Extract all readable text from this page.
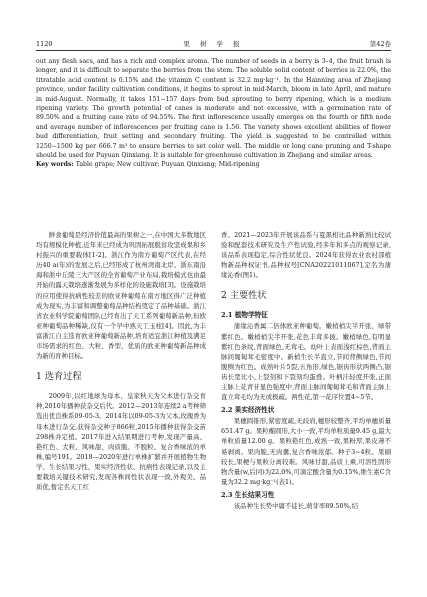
1120	果 树 学 报	第42卷

out any flesh sacs, and has a rich and complex aroma. The number of seeds in a berry is 3–4, the fruit brush is longer, and it is difficult to separate the berries from the stem. The soluble solid content of berries is 22.0%, the titratable acid content is 0.15% and the vitamin C content is 32.2 mg·kg⁻¹. In the Hainning area of Zhejiang province, under facility cultivation conditions, it begins to sprout in mid-March, bloom in late April, and mature in mid-August. Normally, it takes 151−157 days from bud sprouting to berry ripening, which is a medium ripening variety. The growth potential of canes is moderate and not excessive, with a germination rate of 89.50% and a fruiting cane rate of 94.55%. The first inflorescence usually emerges on the fourth or fifth node and average number of inflorescences per fruiting cane is 1.56. The variety shows excellent abilities of flower bud differentiation, fruit setting and secondary fruiting. The yield is suggested to be controlled within 1250−1500 kg per 666.7 m² to ensure berries to set color well. The middle or long cane pruning and T-shape should be used for Puyuan Qinxiang. It is suitable for greenhouse cultivation in Zhejiang and similar areas.

Key words: Table grape; New cultivar; Puyuan Qinxiang; Mid-ripening

鲜食葡萄是经济价值最高的果树之一,在中国大多数地区均有规模化种植,近年来已经成为巩固拓展脱贫攻坚成果和乡村振兴的重要载体[1-2]。浙江作为南方葡萄产区代表,在经历40 a(年)的发展之后,已经形成了杭州湾南北岸、浙东南沿海和浙中丘陵三大产区的全省葡萄产业布局,栽培模式也由最开始的露天栽培逐渐发展为多样化的设施栽培[3]。设施栽培的应用使得抗病性较差的欧亚种葡萄在南方地区得广泛种植成为现实,为丰富和调整葡萄品种结构奠定了品种基础。浙江省农业科学院葡萄团队已经育出了天工系列葡萄新品种,但欧亚种葡萄品种稀缺,仅有一个早中熟天工玉柱[4]。因此,为丰富浙江自主选育欧亚种葡萄新品种,培育适宜浙江种植及满足市场需求的红色、大粒、香型、优质的欧亚种葡萄新品种成为新的育种目标。

1 选育过程

2009年,以红地球为母本、皇家秋天为父本进行杂交育种,2010年播种获杂交后代。2012—2013年连续2 a考种筛选出优良株系09-05-3。2014年以09-05-3为父本,玫瑰香为母本进行杂交,获得杂交种子866粒,2015年播种获得杂交苗298株并定植。2017年进入结果期进行考种,发现产量高、艳红色、大粒、风味甜、肉质脆、不脱粒、复合香味浓的单株,编号191。2018—2020年进行单株扩繁并开展植物生物学、生长结果习性、果实经济性状、抗病性表现记录,以及主要栽培关键技术研究,发现各株间性状表现一致,外观美、品质优,暂定名天工红

香。2021—2023年开展该品系与夏黑相比品种新熟比较试验和配套技术研究及生产性试验,经多年和多点的观察记录,该品系表现稳定,综合性状优良。2024年获得农业农村部植物新品种权证书,品种权号[CNA20221011067],定名为蒲缘沁香(图1)。

2 主要性状
2.1 植物学特征

蒲缘沁香属二倍体欧亚种葡萄。嫩梢梢尖半开张、绿带紫红色。嫩梢梢尖半开张,花色丰茸多披。嫩梢绿色,有明显紫红色条纹,背面绿色,无茸毛。幼叶上表面浅红棕色,背面主脉间匍匐茸毛密度中。新梢生长半直立,节间背侧绿色,节间腹侧为红色。成熟叶片5裂,五角形,绿色,锯齿形状两侧凸,锯齿长宽比小,上裂刻和下裂刻均蛋叠。叶柄洼轻度开张,正面主脉上花青苷显色强度中,背面主脉间匍匐茸毛和背面主脉上直立茸毛均为无或极疏。两性花,第一花序位置4~5节。

2.2 果实经济性状

果穗圆锥形,紧密度疏,无歧肩,穗形较整齐,平均单穗质量651.47 g。果粒椭圆形,大小一致,平均单粒质量9.45 g,最大单粒质量12.00 g。果粒艳红色,成熟一致,果粉厚,果皮薄不易剥离。果肉脆,无肉囊,复合香味浓郁。种子3~4粒。果刷较长,果梗与果粒分离较难。风味甘甜,品质上乘,可溶性固形物含量(w,后同)为22.0%,可滴定酸含量为0.15%,维生素C含量为32.2 mg·kg⁻¹(表1)。

2.3 生长结果习性

该品种生长势中庸不徒长,萌芽率89.50%,结
